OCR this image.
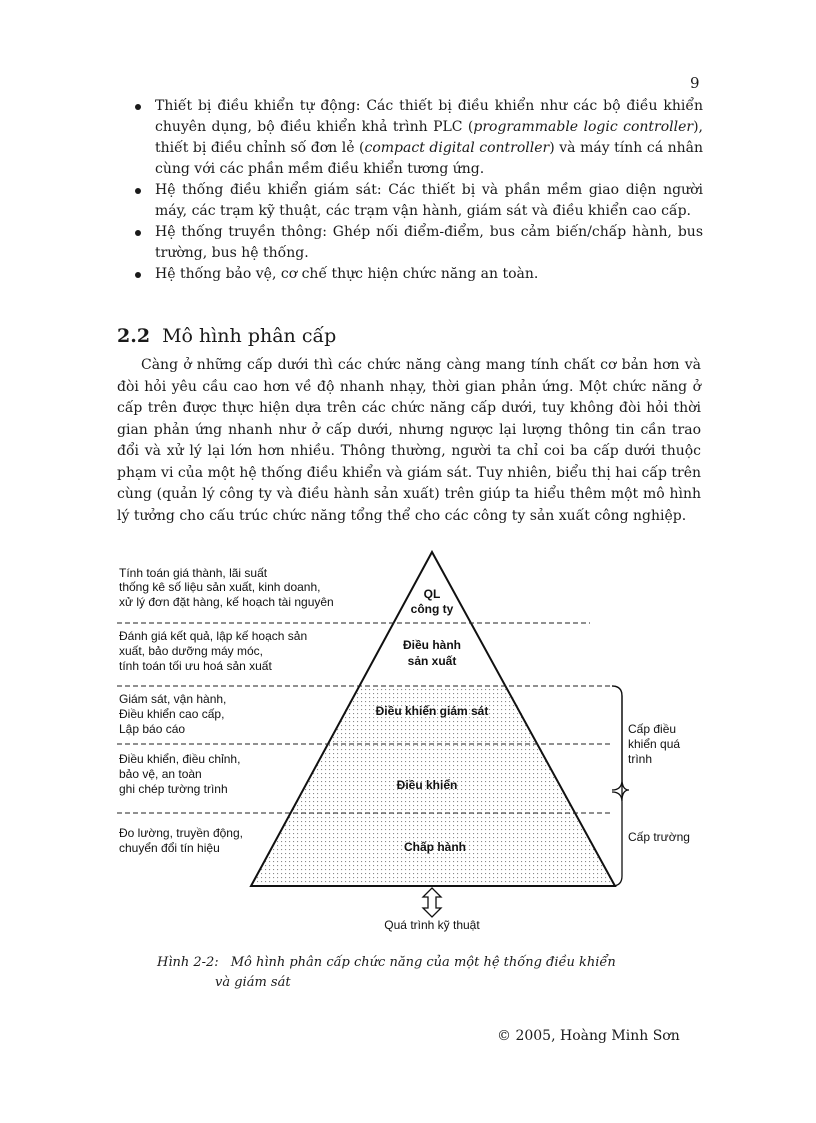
9
Thiết bị điều khiển tự động: Các thiết bị điều khiển như các bộ điều khiển chuyên dụng, bộ điều khiển khả trình PLC (programmable logic controller), thiết bị điều chỉnh số đơn lẻ (compact digital controller) và máy tính cá nhân cùng với các phần mềm điều khiển tương ứng.
Hệ thống điều khiển giám sát: Các thiết bị và phần mềm giao diện người máy, các trạm kỹ thuật, các trạm vận hành, giám sát và điều khiển cao cấp.
Hệ thống truyền thông: Ghép nối điểm-điểm, bus cảm biến/chấp hành, bus trường, bus hệ thống.
Hệ thống bảo vệ, cơ chế thực hiện chức năng an toàn.
2.2 Mô hình phân cấp

Càng ở những cấp dưới thì các chức năng càng mang tính chất cơ bản hơn và đòi hỏi yêu cầu cao hơn về độ nhanh nhạy, thời gian phản ứng. Một chức năng ở cấp trên được thực hiện dựa trên các chức năng cấp dưới, tuy không đòi hỏi thời gian phản ứng nhanh như ở cấp dưới, nhưng ngược lại lượng thông tin cần trao đổi và xử lý lại lớn hơn nhiều. Thông thường, người ta chỉ coi ba cấp dưới thuộc phạm vi của một hệ thống điều khiển và giám sát. Tuy nhiên, biểu thị hai cấp trên cùng (quản lý công ty và điều hành sản xuất) trên giúp ta hiểu thêm một mô hình lý tưởng cho cấu trúc chức năng tổng thể cho các công ty sản xuất công nghiệp.

Tính toán giá thành, lãi suất
thống kê số liệu sản xuất, kinh doanh,
xử lý đơn đặt hàng, kế hoạch tài nguyên
Đánh giá kết quả, lập kế hoạch sản
xuất, bảo dưỡng máy móc,
tính toán tối ưu hoá sản xuất
Giám sát, vận hành,
Điều khiển cao cấp,
Lập báo cáo
Điều khiển, điều chỉnh,
bảo vệ, an toàn
ghi chép tường trình
Đo lường, truyền động,
chuyển đổi tín hiệu
QL
công ty
Điều hành
sản xuất
Điều khiển giám sát
Điều khiển
Chấp hành
Cấp điều
khiển quá
trình
Cấp trường
Quá trình kỹ thuật

Hình 2-2: Mô hình phân cấp chức năng của một hệ thống điều khiển
và giám sát

© 2005, Hoàng Minh Sơn
